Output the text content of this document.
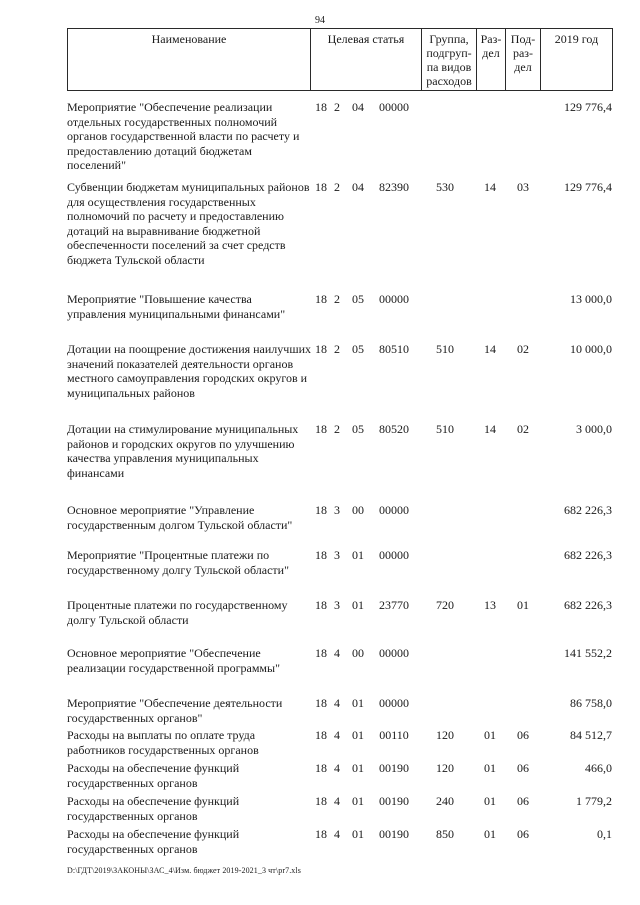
94
Наименование	Целевая статья	Группа, подгруп-па видов расходов	Раз-дел	Под-раз-дел	2019 год
Мероприятие "Обеспечение реализации отдельных государственных полномочий органов государственной власти по расчету и предоставлению дотаций бюджетам поселений"
18 2 04	00000	129 776,4
Субвенции бюджетам муниципальных районов для осуществления государственных полномочий по расчету и предоставлению дотаций на выравнивание бюджетной обеспеченности поселений за счет средств бюджета Тульской области
18 2 04	82390	530	14	03	129 776,4
Мероприятие "Повышение качества управления муниципальными финансами"
18 2 05	00000	13 000,0
Дотации на поощрение достижения наилучших значений показателей деятельности органов местного самоуправления городских округов и муниципальных районов
18 2 05	80510	510	14	02	10 000,0
Дотации на стимулирование муниципальных районов и городских округов по улучшению качества управления муниципальных финансами
18 2 05	80520	510	14	02	3 000,0
Основное мероприятие "Управление государственным долгом Тульской области"
18 3 00	00000	682 226,3
Мероприятие "Процентные платежи по государственному долгу Тульской области"
18 3 01	00000	682 226,3
Процентные платежи по государственному долгу Тульской области
18 3 01	23770	720	13	01	682 226,3
Основное мероприятие "Обеспечение реализации государственной программы"
18 4 00	00000	141 552,2
Мероприятие "Обеспечение деятельности государственных органов"
18 4 01	00000	86 758,0
Расходы на выплаты по оплате труда работников государственных органов
18 4 01	00110	120	01	06	84 512,7
Расходы на обеспечение функций государственных органов
18 4 01	00190	120	01	06	466,0
Расходы на обеспечение функций государственных органов
18 4 01	00190	240	01	06	1 779,2
Расходы на обеспечение функций государственных органов
18 4 01	00190	850	01	06	0,1
D:\ГДТ\2019\ЗАКОНЫ\ЗАС_4\Изм. бюджет 2019-2021_3 чт\pr7.xls
